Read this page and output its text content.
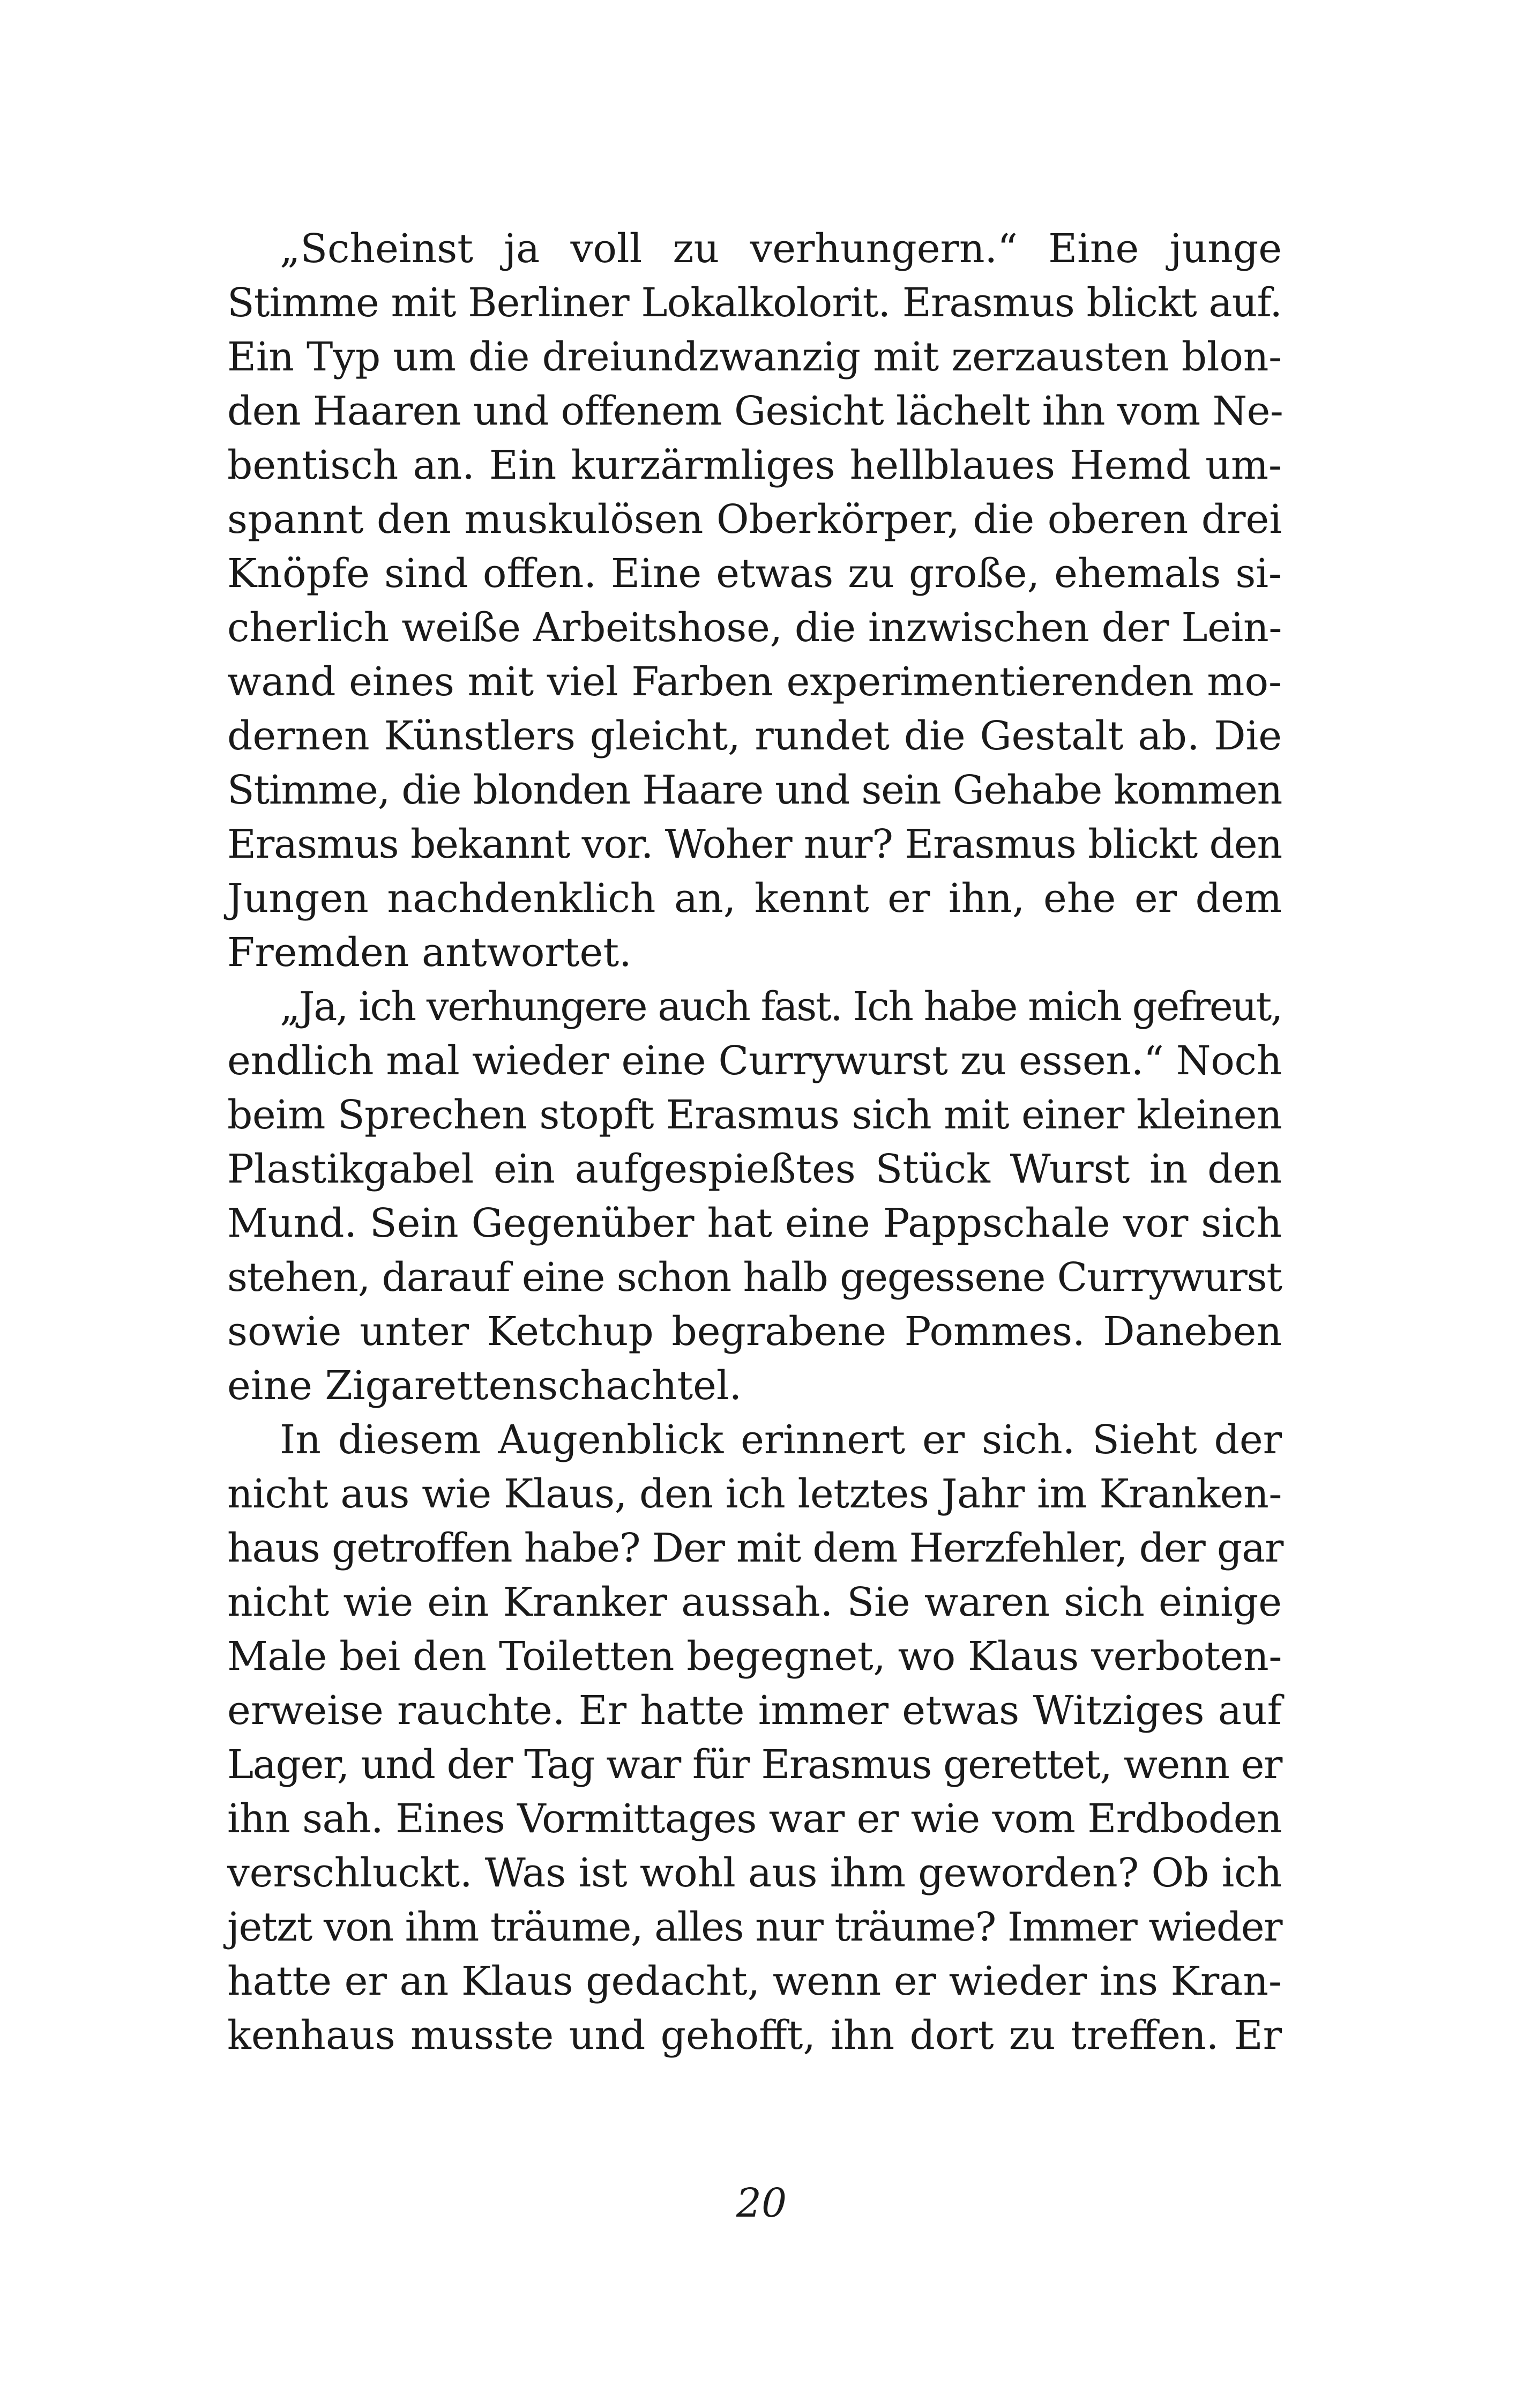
„Scheinst ja voll zu verhungern.“ Eine junge
Stimme mit Berliner Lokalkolorit. Erasmus blickt auf.
Ein Typ um die dreiundzwanzig mit zerzausten blon-
den Haaren und offenem Gesicht lächelt ihn vom Ne-
bentisch an. Ein kurzärmliges hellblaues Hemd um-
spannt den muskulösen Oberkörper, die oberen drei
Knöpfe sind offen. Eine etwas zu große, ehemals si-
cherlich weiße Arbeitshose, die inzwischen der Lein-
wand eines mit viel Farben experimentierenden mo-
dernen Künstlers gleicht, rundet die Gestalt ab. Die
Stimme, die blonden Haare und sein Gehabe kommen
Erasmus bekannt vor. Woher nur? Erasmus blickt den
Jungen nachdenklich an, kennt er ihn, ehe er dem
Fremden antwortet.
„Ja, ich verhungere auch fast. Ich habe mich gefreut,
endlich mal wieder eine Currywurst zu essen.“ Noch
beim Sprechen stopft Erasmus sich mit einer kleinen
Plastikgabel ein aufgespießtes Stück Wurst in den
Mund. Sein Gegenüber hat eine Pappschale vor sich
stehen, darauf eine schon halb gegessene Currywurst
sowie unter Ketchup begrabene Pommes. Daneben
eine Zigarettenschachtel.
In diesem Augenblick erinnert er sich. Sieht der
nicht aus wie Klaus, den ich letztes Jahr im Kranken-
haus getroffen habe? Der mit dem Herzfehler, der gar
nicht wie ein Kranker aussah. Sie waren sich einige
Male bei den Toiletten begegnet, wo Klaus verboten-
erweise rauchte. Er hatte immer etwas Witziges auf
Lager, und der Tag war für Erasmus gerettet, wenn er
ihn sah. Eines Vormittages war er wie vom Erdboden
verschluckt. Was ist wohl aus ihm geworden? Ob ich
jetzt von ihm träume, alles nur träume? Immer wieder
hatte er an Klaus gedacht, wenn er wieder ins Kran-
kenhaus musste und gehofft, ihn dort zu treffen. Er
20
